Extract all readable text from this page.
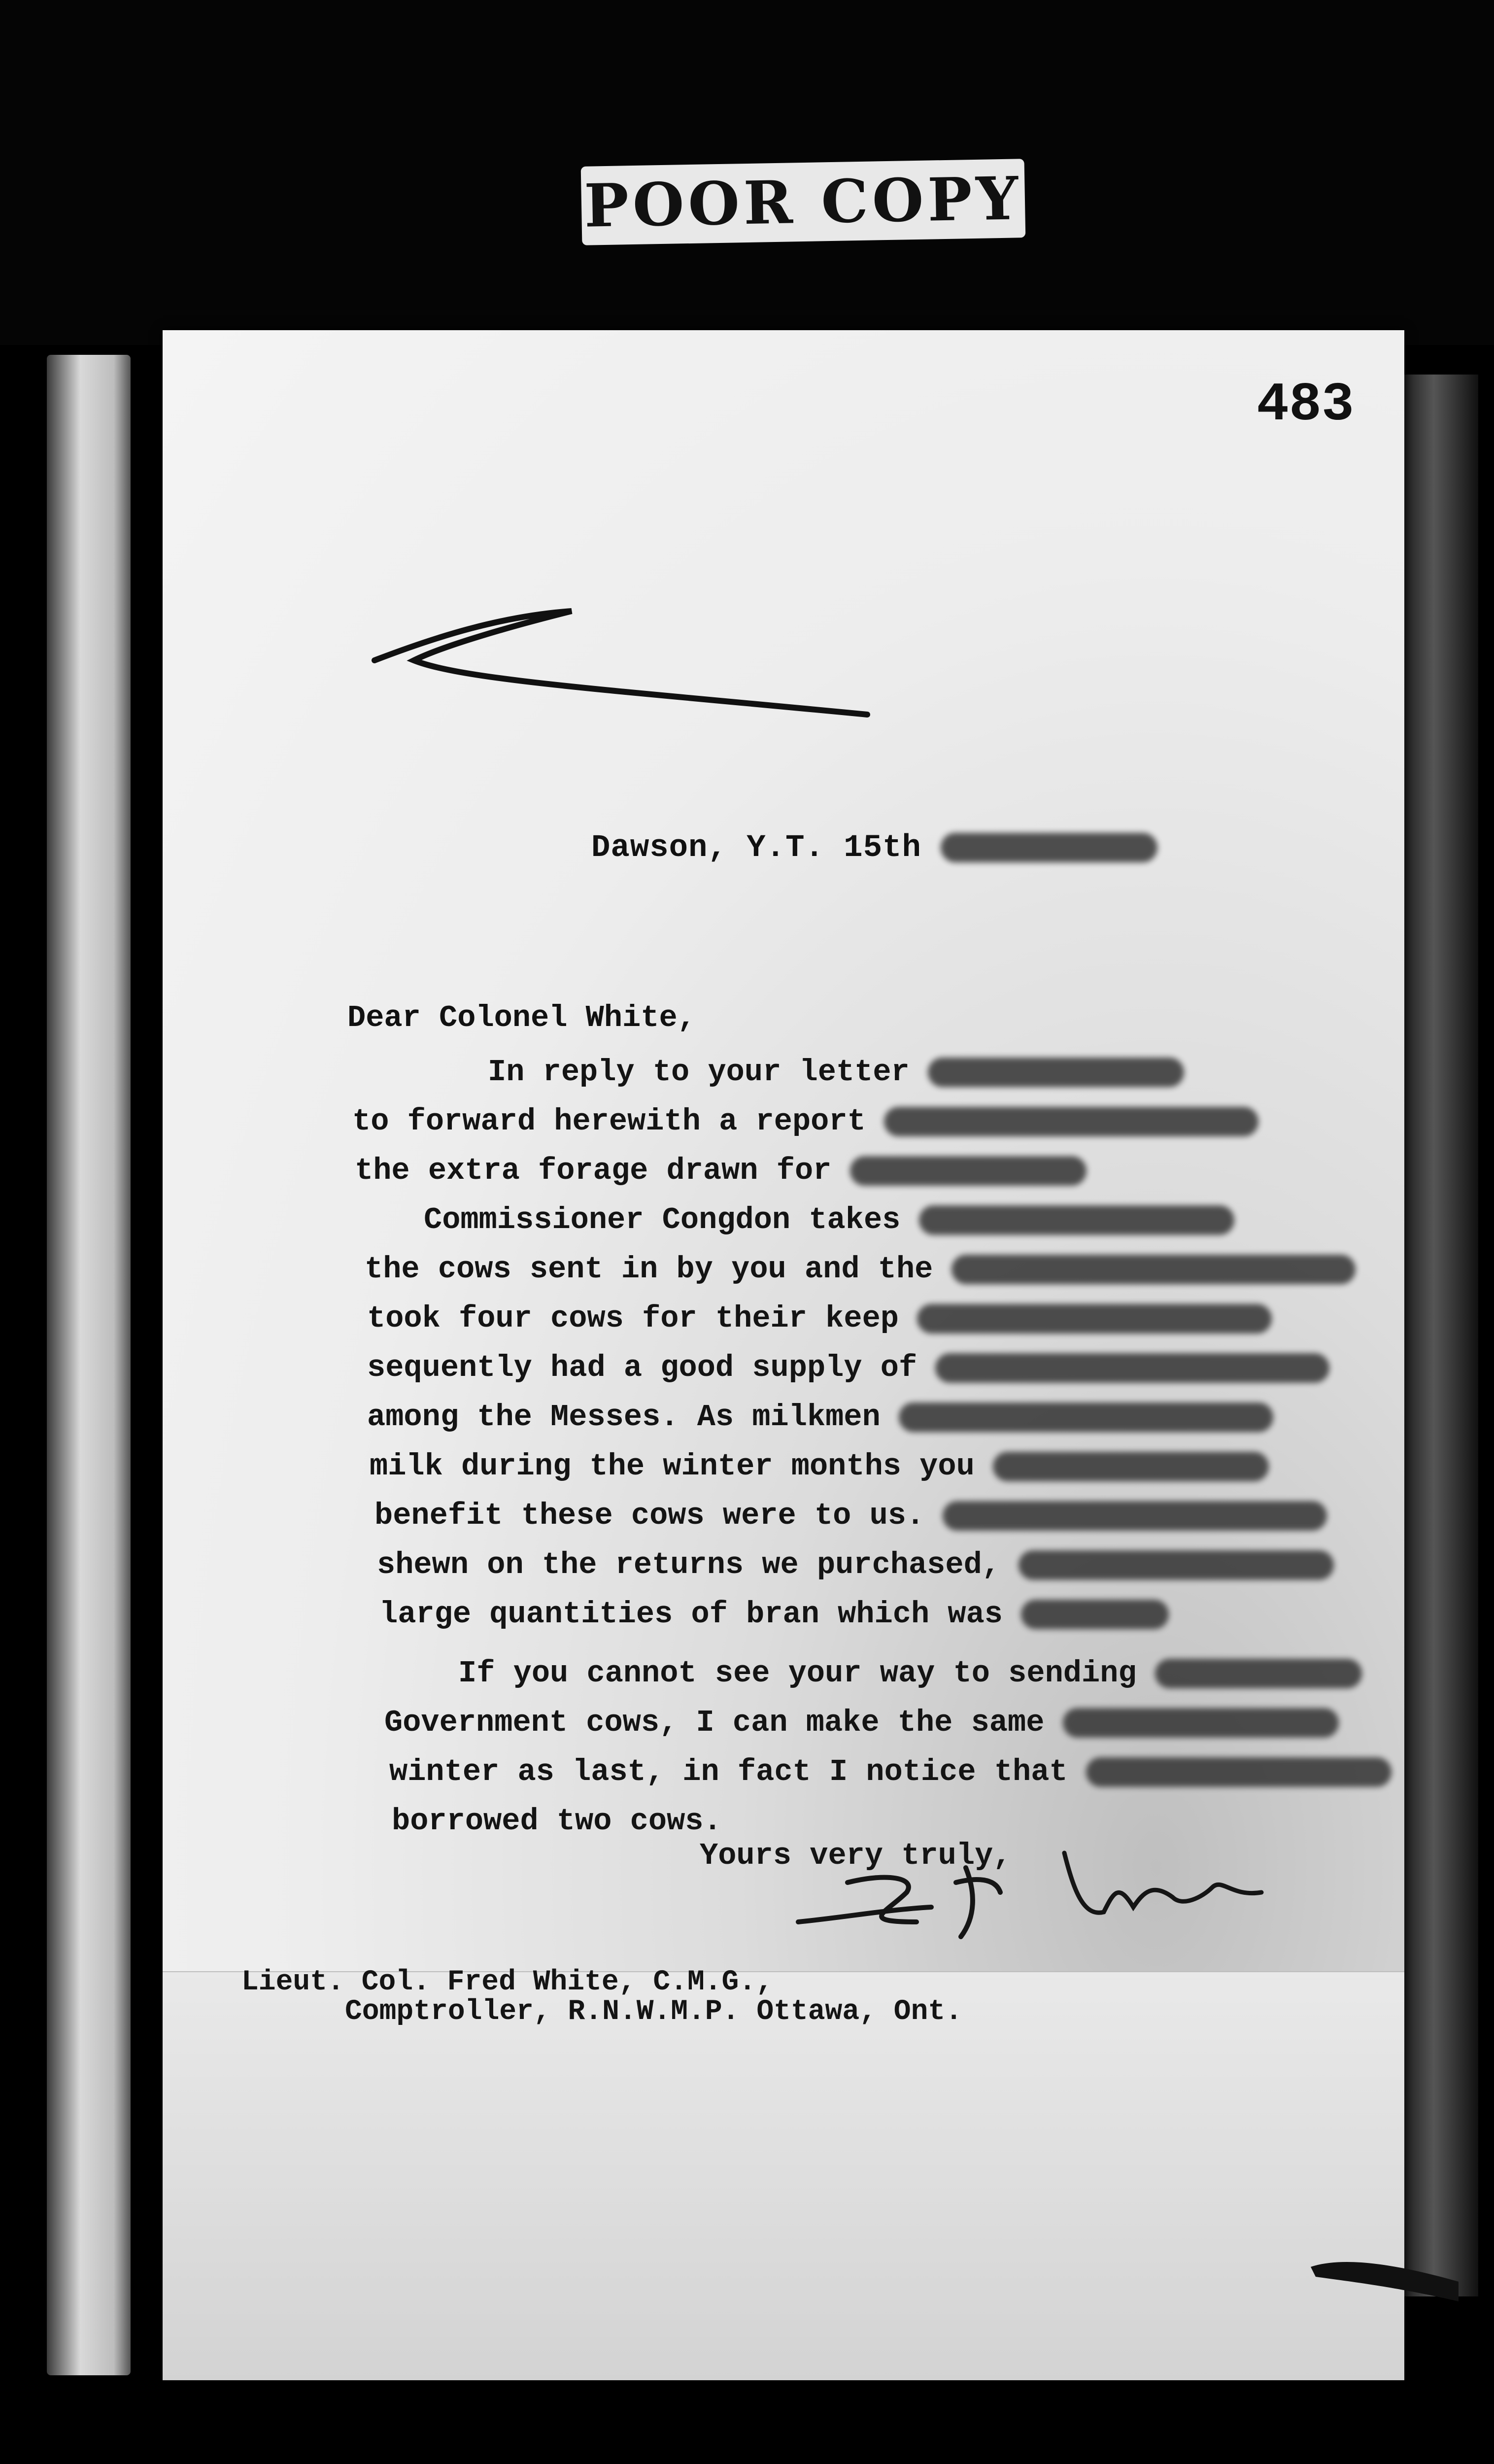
POOR COPY
483
Dawson, Y.T. 15th
Dear Colonel White,
In reply to your letter
to forward herewith a report
the extra forage drawn for
Commissioner Congdon takes
the cows sent in by you and the
took four cows for their keep
sequently had a good supply of
among the Messes. As milkmen
milk during the winter months you
benefit these cows were to us.
shewn on the returns we purchased,
large quantities of bran which was
If you cannot see your way to sending
Government cows, I can make the same
winter as last, in fact I notice that
borrowed two cows.
Yours very truly,
Lieut. Col. Fred White, C.M.G.,
Comptroller, R.N.W.M.P. Ottawa, Ont.
